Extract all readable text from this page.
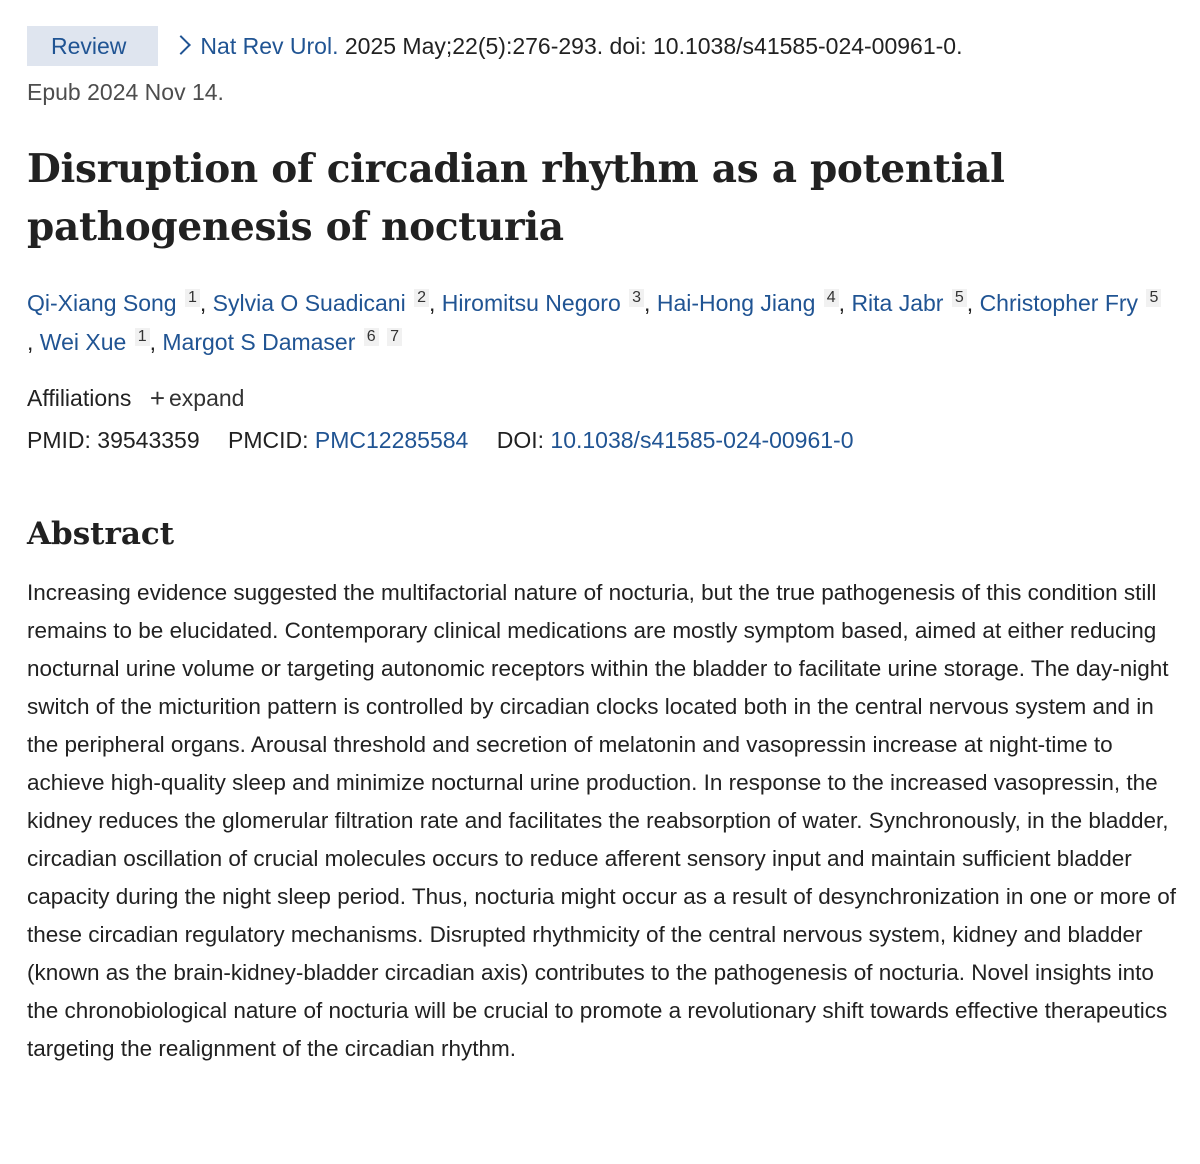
Review	Nat Rev Urol. 2025 May;22(5):276-293. doi: 10.1038/s41585-024-00961-0.
Epub 2024 Nov 14.
Disruption of circadian rhythm as a potential pathogenesis of nocturia
Qi-Xiang Song 1 , Sylvia O Suadicani 2 , Hiromitsu Negoro 3 , Hai-Hong Jiang 4 , Rita Jabr 5 , Christopher Fry 5, Wei Xue 1 , Margot S Damaser 6 7
Affiliations + expand
PMID: 39543359 PMCID: PMC12285584 DOI: 10.1038/s41585-024-00961-0
Abstract

Increasing evidence suggested the multifactorial nature of nocturia, but the true pathogenesis of this condition still remains to be elucidated. Contemporary clinical medications are mostly symptom based, aimed at either reducing nocturnal urine volume or targeting autonomic receptors within the bladder to facilitate urine storage. The day-night switch of the micturition pattern is controlled by circadian clocks located both in the central nervous system and in the peripheral organs. Arousal threshold and secretion of melatonin and vasopressin increase at night-time to achieve high-quality sleep and minimize nocturnal urine production. In response to the increased vasopressin, the kidney reduces the glomerular filtration rate and facilitates the reabsorption of water. Synchronously, in the bladder, circadian oscillation of crucial molecules occurs to reduce afferent sensory input and maintain sufficient bladder capacity during the night sleep period. Thus, nocturia might occur as a result of desynchronization in one or more of these circadian regulatory mechanisms. Disrupted rhythmicity of the central nervous system, kidney and bladder (known as the brain-kidney-bladder circadian axis) contributes to the pathogenesis of nocturia. Novel insights into the chronobiological nature of nocturia will be crucial to promote a revolutionary shift towards effective therapeutics targeting the realignment of the circadian rhythm.
